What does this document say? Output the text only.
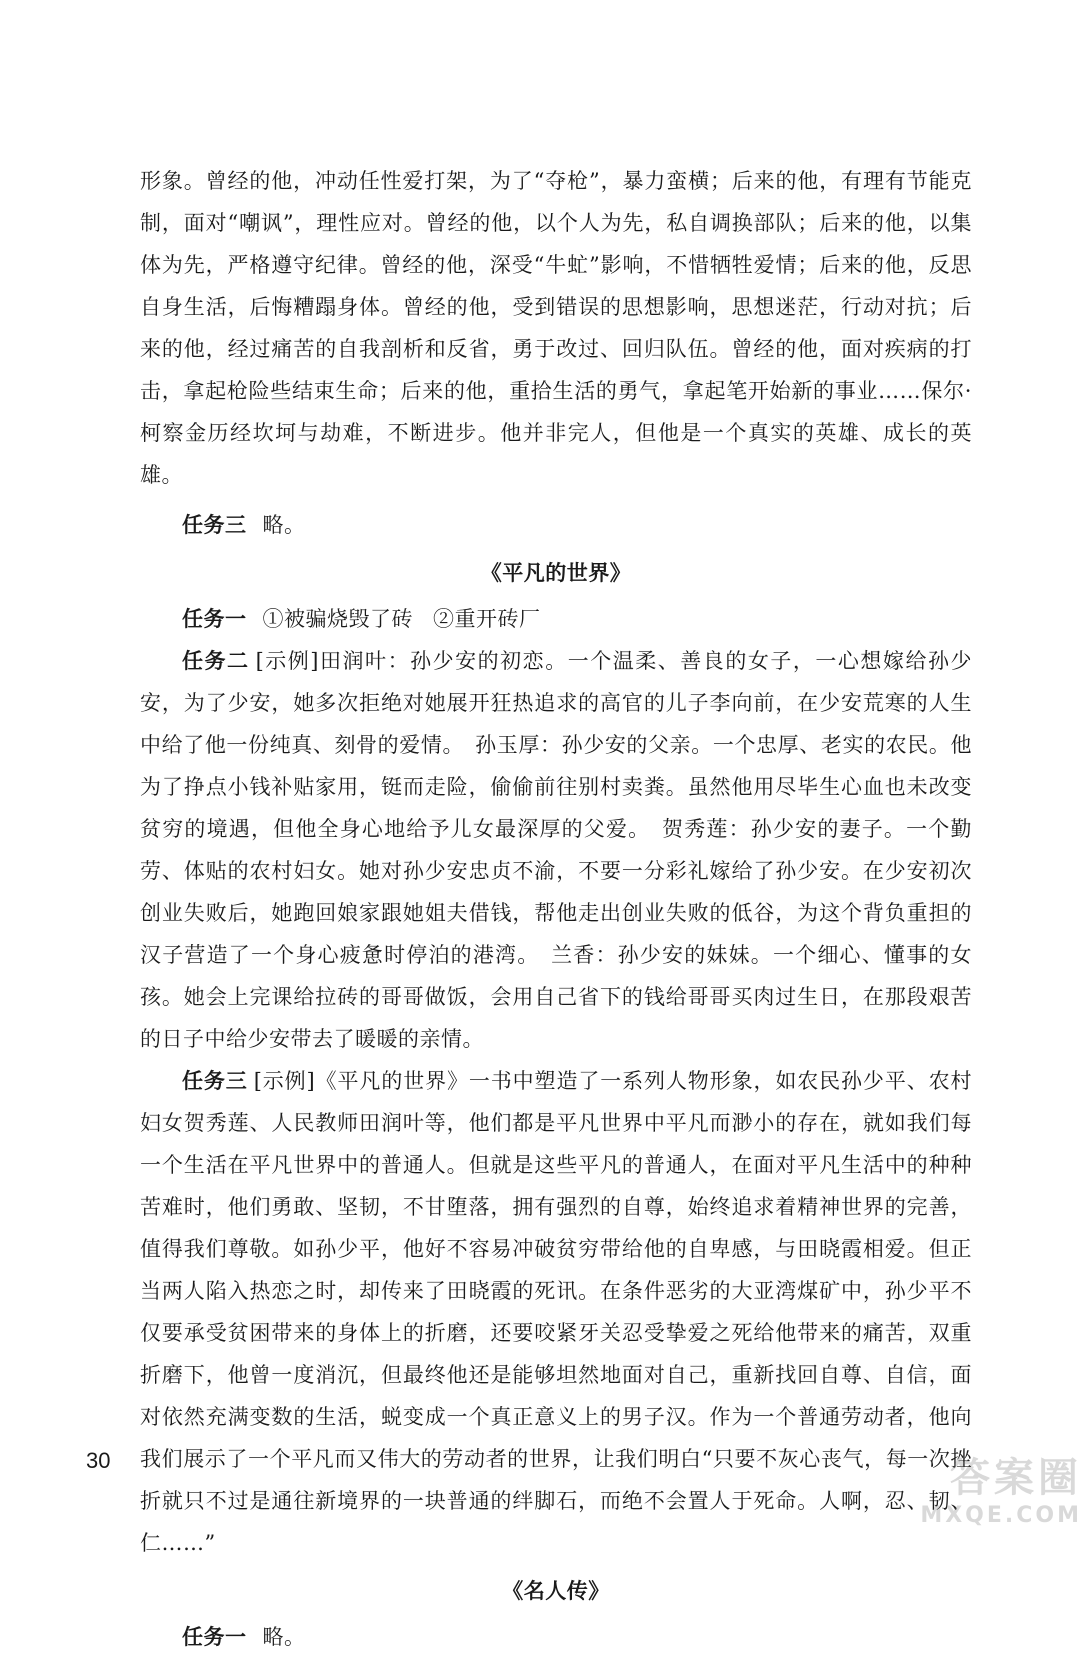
形象。曾经的他，冲动任性爱打架，为了“夺枪”，暴力蛮横；后来的他，有理有节能克制，面对“嘲讽”，理性应对。曾经的他，以个人为先，私自调换部队；后来的他，以集体为先，严格遵守纪律。曾经的他，深受“牛虻”影响，不惜牺牲爱情；后来的他，反思自身生活，后悔糟蹋身体。曾经的他，受到错误的思想影响，思想迷茫，行动对抗；后来的他，经过痛苦的自我剖析和反省，勇于改过、回归队伍。曾经的他，面对疾病的打击，拿起枪险些结束生命；后来的他，重拾生活的勇气，拿起笔开始新的事业……保尔·柯察金历经坎坷与劫难，不断进步。他并非完人，但他是一个真实的英雄、成长的英雄。

任务三 略。

《平凡的世界》

任务一 ①被骗烧毁了砖 ②重开砖厂

任务二 [示例]田润叶：孙少安的初恋。一个温柔、善良的女子，一心想嫁给孙少安，为了少安，她多次拒绝对她展开狂热追求的高官的儿子李向前，在少安荒寒的人生中给了他一份纯真、刻骨的爱情。　孙玉厚：孙少安的父亲。一个忠厚、老实的农民。他为了挣点小钱补贴家用，铤而走险，偷偷前往别村卖粪。虽然他用尽毕生心血也未改变贫穷的境遇，但他全身心地给予儿女最深厚的父爱。　贺秀莲：孙少安的妻子。一个勤劳、体贴的农村妇女。她对孙少安忠贞不渝，不要一分彩礼嫁给了孙少安。在少安初次创业失败后，她跑回娘家跟她姐夫借钱，帮他走出创业失败的低谷，为这个背负重担的汉子营造了一个身心疲惫时停泊的港湾。　兰香：孙少安的妹妹。一个细心、懂事的女孩。她会上完课给拉砖的哥哥做饭，会用自己省下的钱给哥哥买肉过生日，在那段艰苦的日子中给少安带去了暖暖的亲情。

任务三 [示例]《平凡的世界》一书中塑造了一系列人物形象，如农民孙少平、农村妇女贺秀莲、人民教师田润叶等，他们都是平凡世界中平凡而渺小的存在，就如我们每一个生活在平凡世界中的普通人。但就是这些平凡的普通人，在面对平凡生活中的种种苦难时，他们勇敢、坚韧，不甘堕落，拥有强烈的自尊，始终追求着精神世界的完善，值得我们尊敬。如孙少平，他好不容易冲破贫穷带给他的自卑感，与田晓霞相爱。但正当两人陷入热恋之时，却传来了田晓霞的死讯。在条件恶劣的大亚湾煤矿中，孙少平不仅要承受贫困带来的身体上的折磨，还要咬紧牙关忍受挚爱之死给他带来的痛苦，双重折磨下，他曾一度消沉，但最终他还是能够坦然地面对自己，重新找回自尊、自信，面对依然充满变数的生活，蜕变成一个真正意义上的男子汉。作为一个普通劳动者，他向我们展示了一个平凡而又伟大的劳动者的世界，让我们明白“只要不灰心丧气，每一次挫折就只不过是通往新境界的一块普通的绊脚石，而绝不会置人于死命。人啊，忍、韧、仁……”

《名人传》

任务一 略。

30	答案圈
MXQE.COM
